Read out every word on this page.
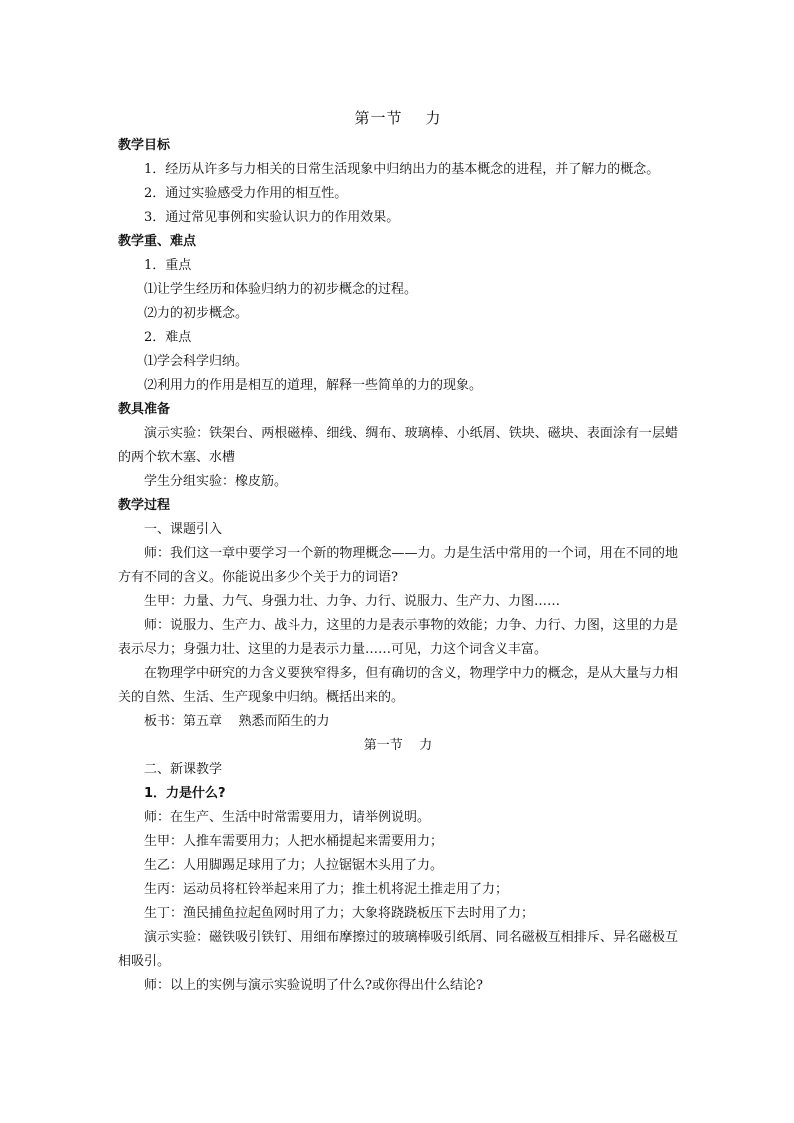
第一节    力
教学目标

1．经历从许多与力相关的日常生活现象中归纳出力的基本概念的进程，并了解力的概念。

2．通过实验感受力作用的相互性。

3．通过常见事例和实验认识力的作用效果。

教学重、难点

1．重点

⑴让学生经历和体验归纳力的初步概念的过程。

⑵力的初步概念。

2．难点

⑴学会科学归纳。

⑵利用力的作用是相互的道理，解释一些简单的力的现象。

教具准备

演示实验：铁架台、两根磁棒、细线、绸布、玻璃棒、小纸屑、铁块、磁块、表面涂有一层蜡的两个软木塞、水槽

学生分组实验：橡皮筋。

教学过程

一、课题引入

师：我们这一章中要学习一个新的物理概念——力。力是生活中常用的一个词，用在不同的地方有不同的含义。你能说出多少个关于力的词语?

生甲：力量、力气、身强力壮、力争、力行、说服力、生产力、力图……

师：说服力、生产力、战斗力，这里的力是表示事物的效能；力争、力行、力图，这里的力是表示尽力；身强力壮、这里的力是表示力量……可见，力这个词含义丰富。

在物理学中研究的力含义要狭窄得多，但有确切的含义，物理学中力的概念，是从大量与力相关的自然、生活、生产现象中归纳。概括出来的。

板书：第五章    熟悉而陌生的力

第一节    力

二、新课教学

1．力是什么?

师：在生产、生活中时常需要用力，请举例说明。

生甲：人推车需要用力；人把水桶提起来需要用力；

生乙：人用脚踢足球用了力；人拉锯锯木头用了力。

生丙：运动员将杠铃举起来用了力；推土机将泥土推走用了力；

生丁：渔民捕鱼拉起鱼网时用了力；大象将跷跷板压下去时用了力；

演示实验：磁铁吸引铁钉、用细布摩擦过的玻璃棒吸引纸屑、同名磁极互相排斥、异名磁极互相吸引。

师：以上的实例与演示实验说明了什么?或你得出什么结论?
